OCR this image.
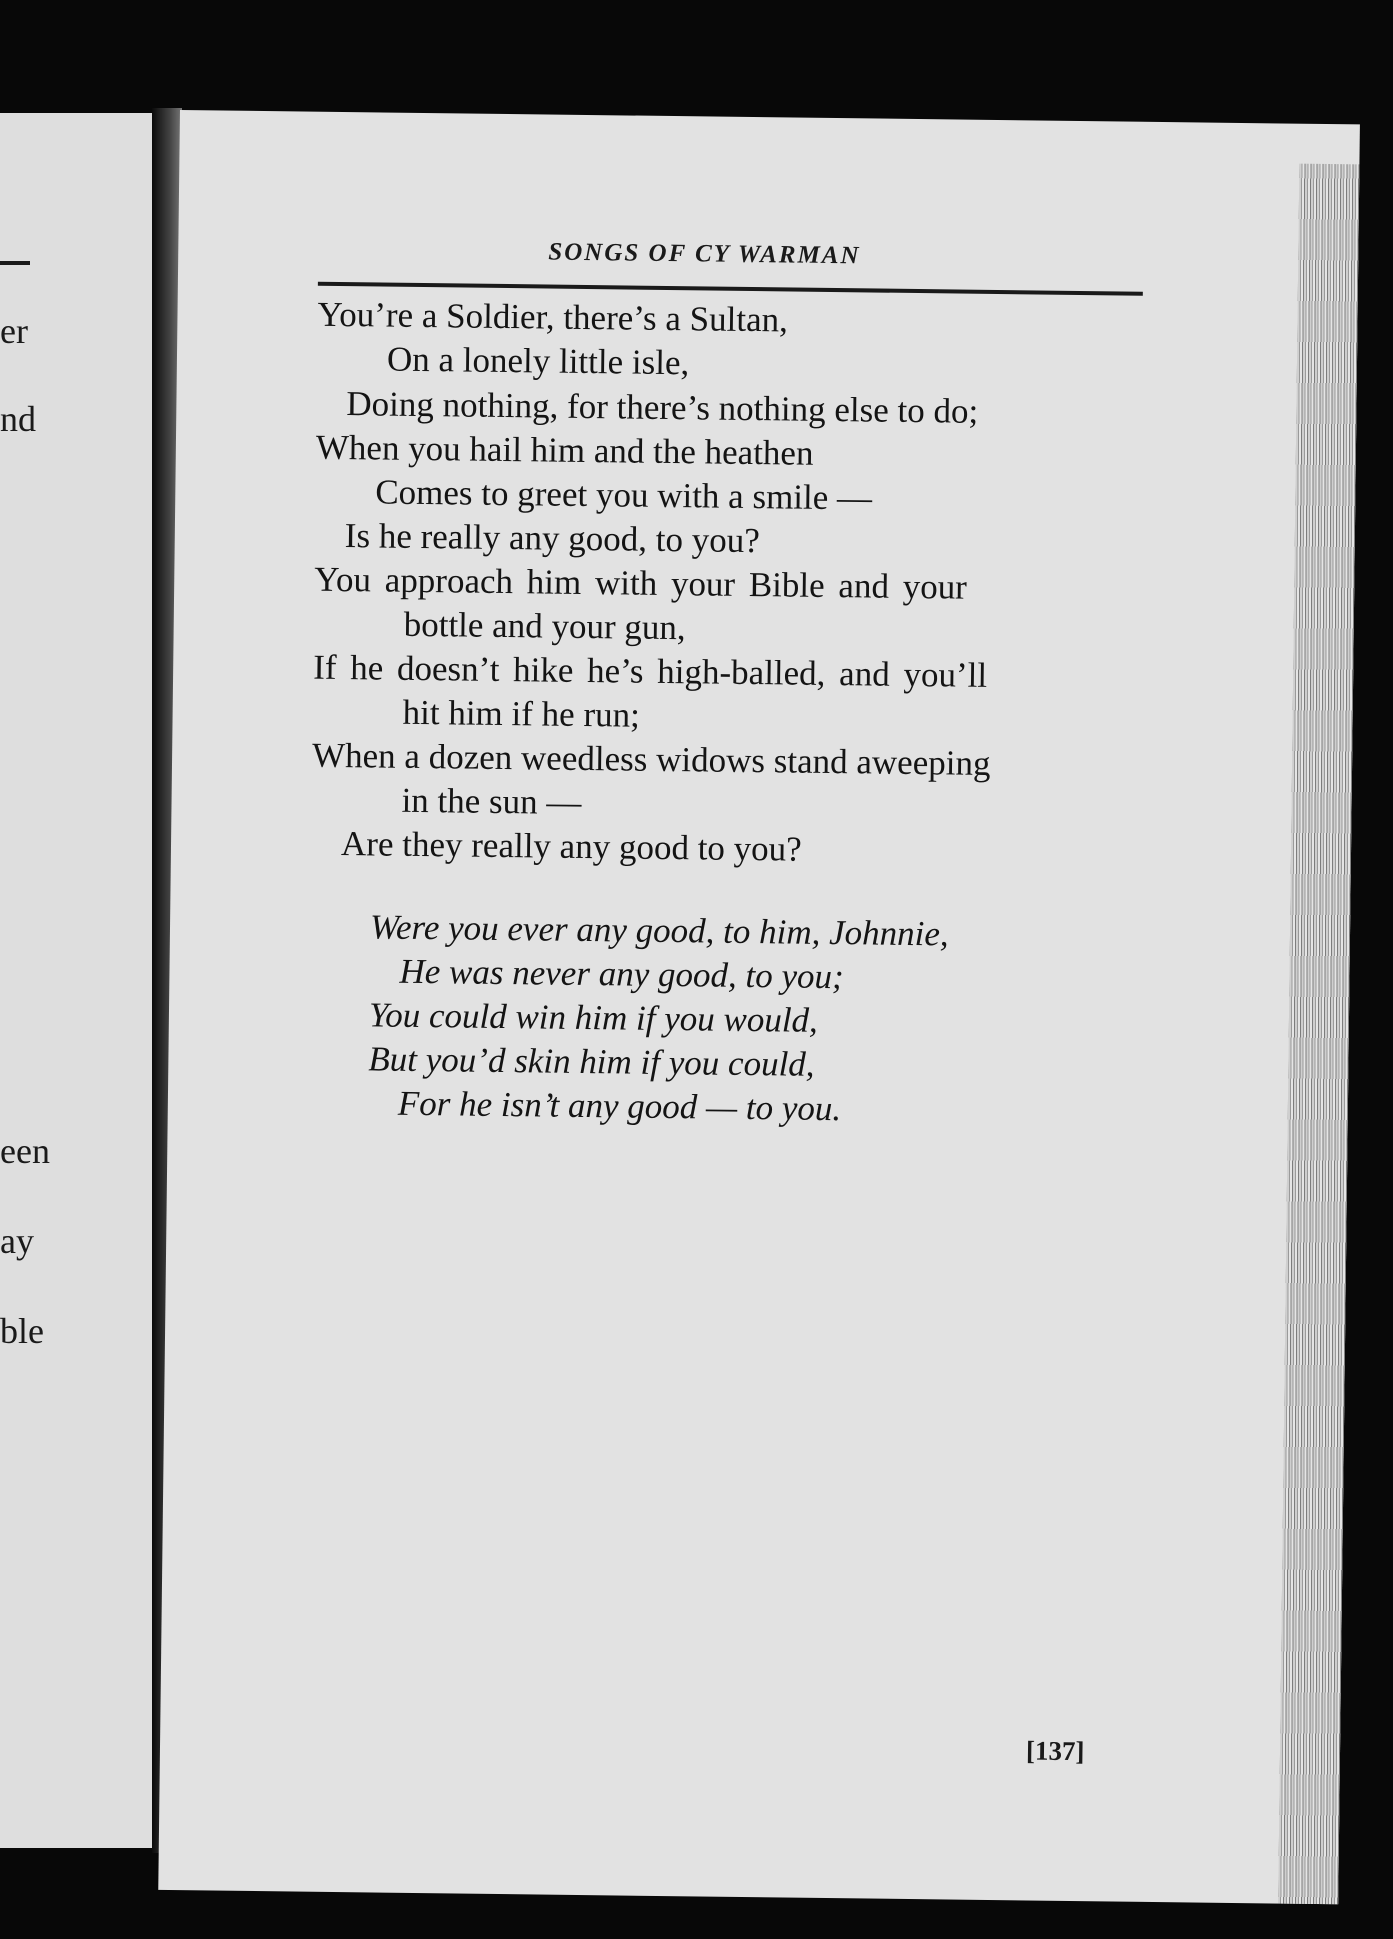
er
nd
een
ay
ble
SONGS OF CY WARMAN
You’re a Soldier, there’s a Sultan,
On a lonely little isle,
Doing nothing, for there’s nothing else to do;
When you hail him and the heathen
Comes to greet you with a smile —
Is he really any good, to you?
You approach him with your Bible and your
bottle and your gun,
If he doesn’t hike he’s high-balled, and you’ll
hit him if he run;
When a dozen weedless widows stand aweeping
in the sun —
Are they really any good to you?
Were you ever any good, to him, Johnnie,
He was never any good, to you;
You could win him if you would,
But you’d skin him if you could,
For he isn’t any good — to you.
[137]
